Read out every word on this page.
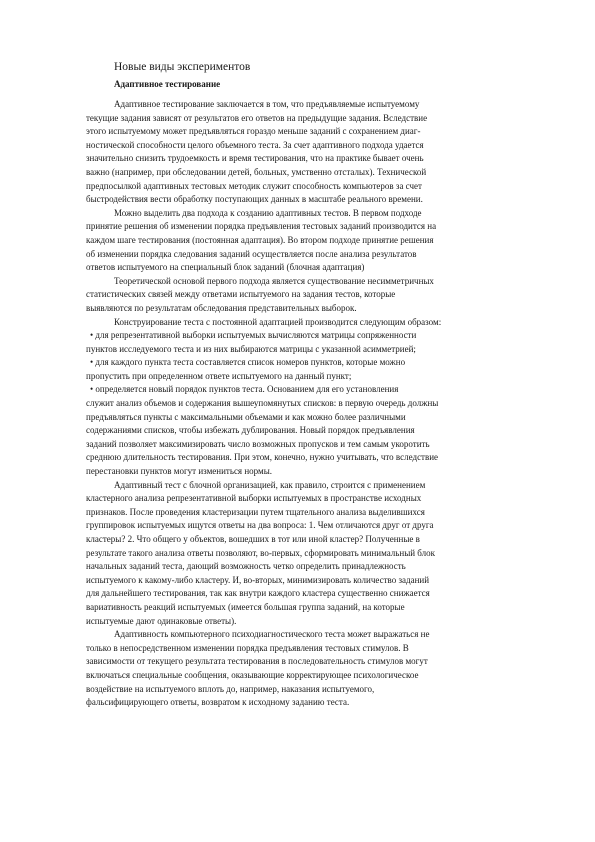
Новые виды экспериментов
Адаптивное тестирование
Адаптивное тестирование заключается в том, что предъявляемые испытуемому
текущие задания зависят от результатов его ответов на предыдущие задания. Вследствие
этого испытуемому может предъявляться гораздо меньше заданий с сохранением диаг-
ностической способности целого объемного теста. За счет адаптивного подхода удается
значительно снизить трудоемкость и время тестирования, что на практике бывает очень
важно (например, при обследовании детей, больных, умственно отсталых). Технической
предпосылкой адаптивных тестовых методик служит способность компьютеров за счет
быстродействия вести обработку поступающих данных в масштабе реального времени.
Можно выделить два подхода к созданию адаптивных тестов. В первом подходе
принятие решения об изменении порядка предъявления тестовых заданий производится на
каждом шаге тестирования (постоянная адаптация). Во втором подходе принятие решения
об изменении порядка следования заданий осуществляется после анализа результатов
ответов испытуемого на специальный блок заданий (блочная адаптация)
Теоретической основой первого подхода является существование несимметричных
статистических связей между ответами испытуемого на задания тестов, которые
выявляются по результатам обследования представительных выборок.
Конструирование теста с постоянной адаптацией производится следующим образом:
• для репрезентативной выборки испытуемых вычисляются матрицы сопряженности
пунктов исследуемого теста и из них выбираются матрицы с указанной асимметрией;
• для каждого пункта теста составляется список номеров пунктов, которые можно
пропустить при определенном ответе испытуемого на данный пункт;
• определяется новый порядок пунктов теста. Основанием для его установления
служит анализ объемов и содержания вышеупомянутых списков: в первую очередь должны
предъявляться пункты с максимальными объемами и как можно более различными
содержаниями списков, чтобы избежать дублирования. Новый порядок предъявления
заданий позволяет максимизировать число возможных пропусков и тем самым укоротить
среднюю длительность тестирования. При этом, конечно, нужно учитывать, что вследствие
перестановки пунктов могут измениться нормы.
Адаптивный тест с блочной организацией, как правило, строится с применением
кластерного анализа репрезентативной выборки испытуемых в пространстве исходных
признаков. После проведения кластеризации путем тщательного анализа выделившихся
группировок испытуемых ищутся ответы на два вопроса: 1. Чем отличаются друг от друга
кластеры? 2. Что общего у объектов, вошедших в тот или иной кластер? Полученные в
результате такого анализа ответы позволяют, во-первых, сформировать минимальный блок
начальных заданий теста, дающий возможность четко определить принадлежность
испытуемого к какому-либо кластеру. И, во-вторых, минимизировать количество заданий
для дальнейшего тестирования, так как внутри каждого кластера существенно снижается
вариативность реакций испытуемых (имеется большая группа заданий, на которые
испытуемые дают одинаковые ответы).
Адаптивность компьютерного психодиагностического теста может выражаться не
только в непосредственном изменении порядка предъявления тестовых стимулов. В
зависимости от текущего результата тестирования в последовательность стимулов могут
включаться специальные сообщения, оказывающие корректирующее психологическое
воздействие на испытуемого вплоть до, например, наказания испытуемого,
фальсифицирующего ответы, возвратом к исходному заданию теста.
